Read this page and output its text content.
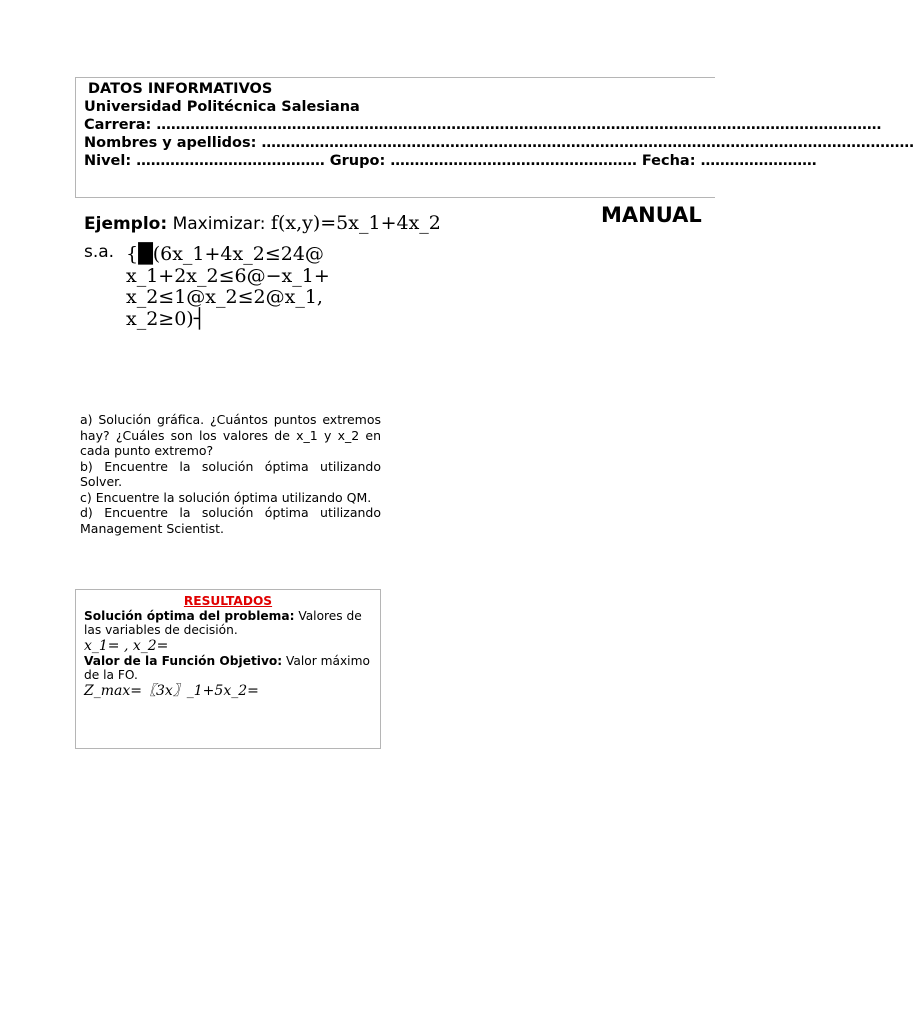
DATOS INFORMATIVOS
Universidad Politécnica Salesiana
Carrera: ……………………………………………………………………………………………………………………………………
Nombres y apellidos: ………………………………………………………………………………………………………………………
Nivel: ………………………………… Grupo: …………………………………………… Fecha: ……………………
MANUAL
Ejemplo: Maximizar: f(x,y)=5x_1+4x_2
s.a. {█(6x_1+4x_2≤24@
x_1+2x_2≤6@−x_1+
x_2≤1@x_2≤2@x_1,
x_2≥0)┤

a) Solución gráfica. ¿Cuántos puntos extremos hay? ¿Cuáles son los valores de x_1 y x_2 en cada punto extremo?

b) Encuentre la solución óptima utilizando Solver.

c) Encuentre la solución óptima utilizando QM.

d) Encuentre la solución óptima utilizando Management Scientist.

RESULTADOS
Solución óptima del problema: Valores de las variables de decisión.
x_1= , x_2=
Valor de la Función Objetivo: Valor máximo de la FO.
Z_max=〖3x〗_1+5x_2=
